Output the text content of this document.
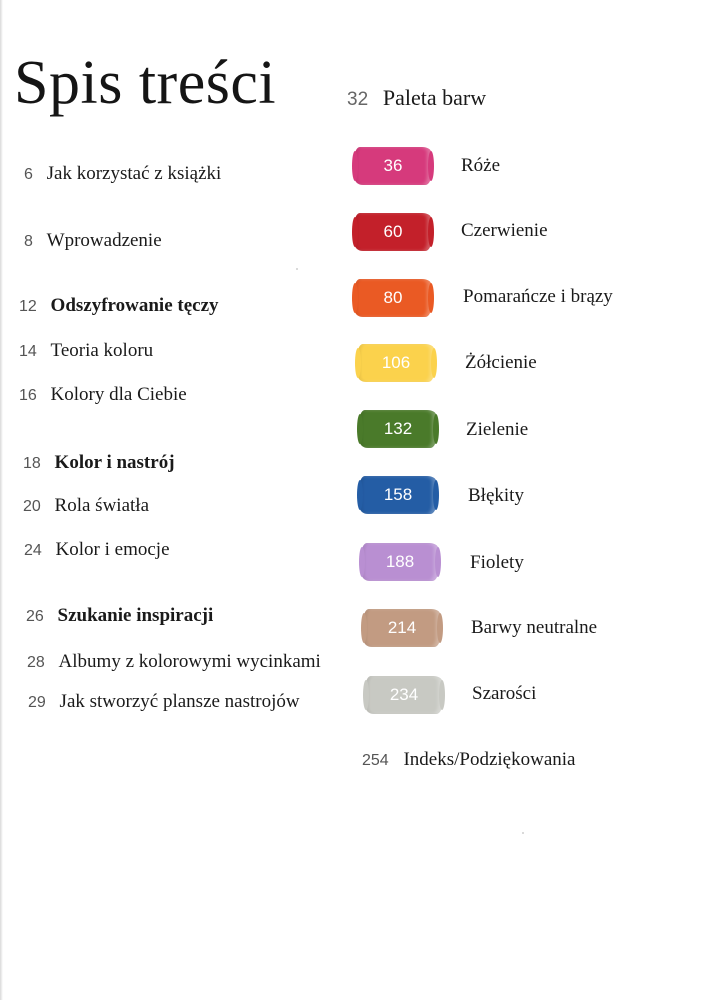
Spis treści
6 Jak korzystać z książki
8 Wprowadzenie
12 Odszyfrowanie tęczy
14 Teoria koloru
16 Kolory dla Ciebie
18 Kolor i nastrój
20 Rola światła
24 Kolor i emocje
26 Szukanie inspiracji
28 Albumy z kolorowymi wycinkami
29 Jak stworzyć plansze nastrojów
32 Paleta barw
36	Róże
60	Czerwienie
80	Pomarańcze i brązy
106	Żółcienie
132	Zielenie
158	Błękity
188	Fiolety
214	Barwy neutralne
234	Szarości
254 Indeks/Podziękowania
